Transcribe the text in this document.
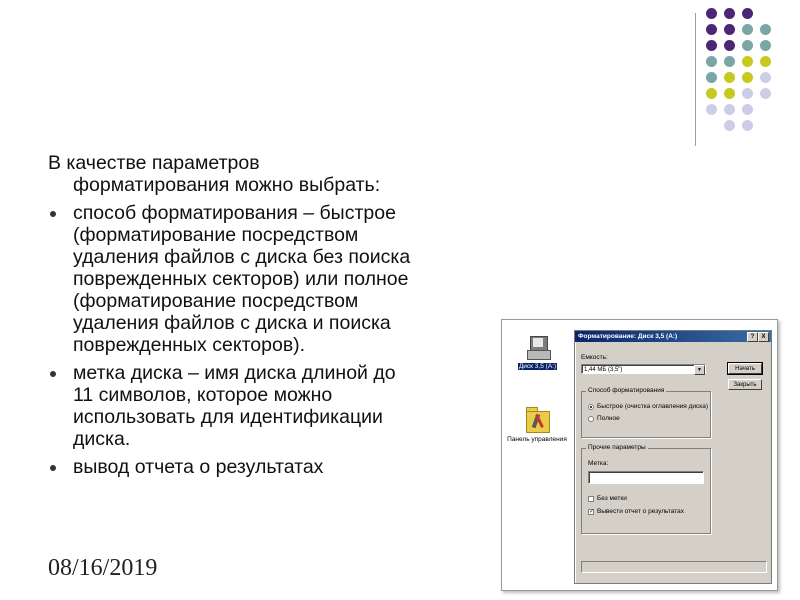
В качестве параметров
форматирования можно выбрать:

способ форматирования – быстрое
(форматирование посредством
удаления файлов с диска без поиска
поврежденных секторов) или полное
(форматирование посредством
удаления файлов с диска и поиска
поврежденных секторов).
метка диска – имя диска длиной до
11 символов, которое можно
использовать для идентификации
диска.
вывод отчета о результатах
08/16/2019
Диск 3,5 (A:)
Панель управления
Форматирование: Диск 3,5 (A:)	?	X
Емкость:
1,44 МБ (3,5")	▼	Начать
Закрыть
Способ форматирования
Быстрое (очистка оглавления диска)
Полное
Прочие параметры
Метка:
Без метки
✓ Вывести отчет о результатах
